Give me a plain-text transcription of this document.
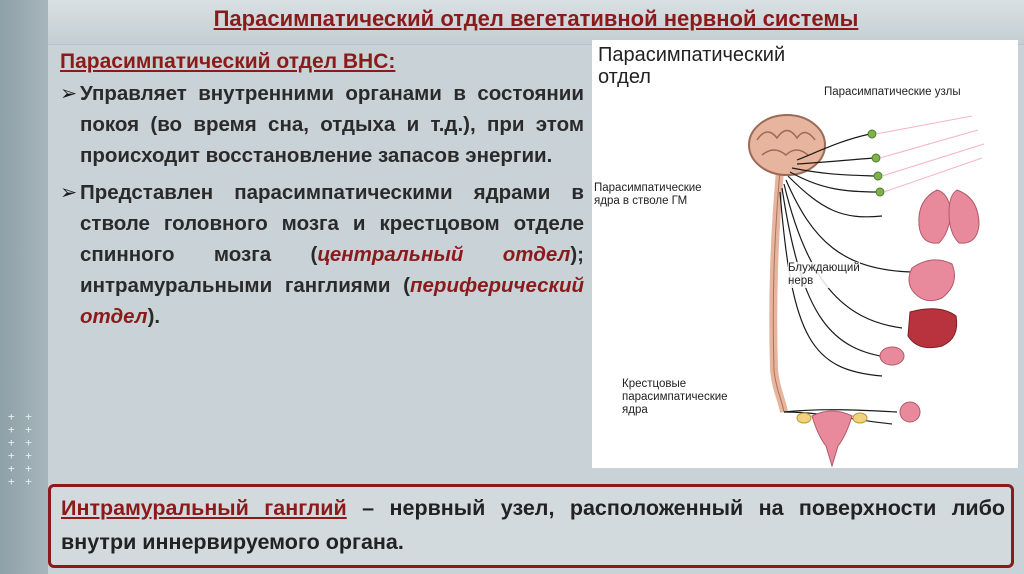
+ +
+ +
+ +
+ +
+ +
+ +
Парасимпатический отдел вегетативной нервной системы
Парасимпатический отдел ВНС:
➢ Управляет внутренними органами в состоянии покоя (во время сна, отдыха и т.д.), при этом происходит восстановление запасов энергии.
➢ Представлен парасимпатическими ядрами в стволе головного мозга и крестцовом отделе спинного мозга (центральный отдел); интрамуральными ганглиями (периферический отдел).
Парасимпатический
отдел
Парасимпатические узлы
Парасимпатические
ядра в стволе ГМ
Блуждающий
нерв
Крестцовые
парасимпатические
ядра
Интрамуральный ганглий – нервный узел, расположенный на поверхности либо внутри иннервируемого органа.
